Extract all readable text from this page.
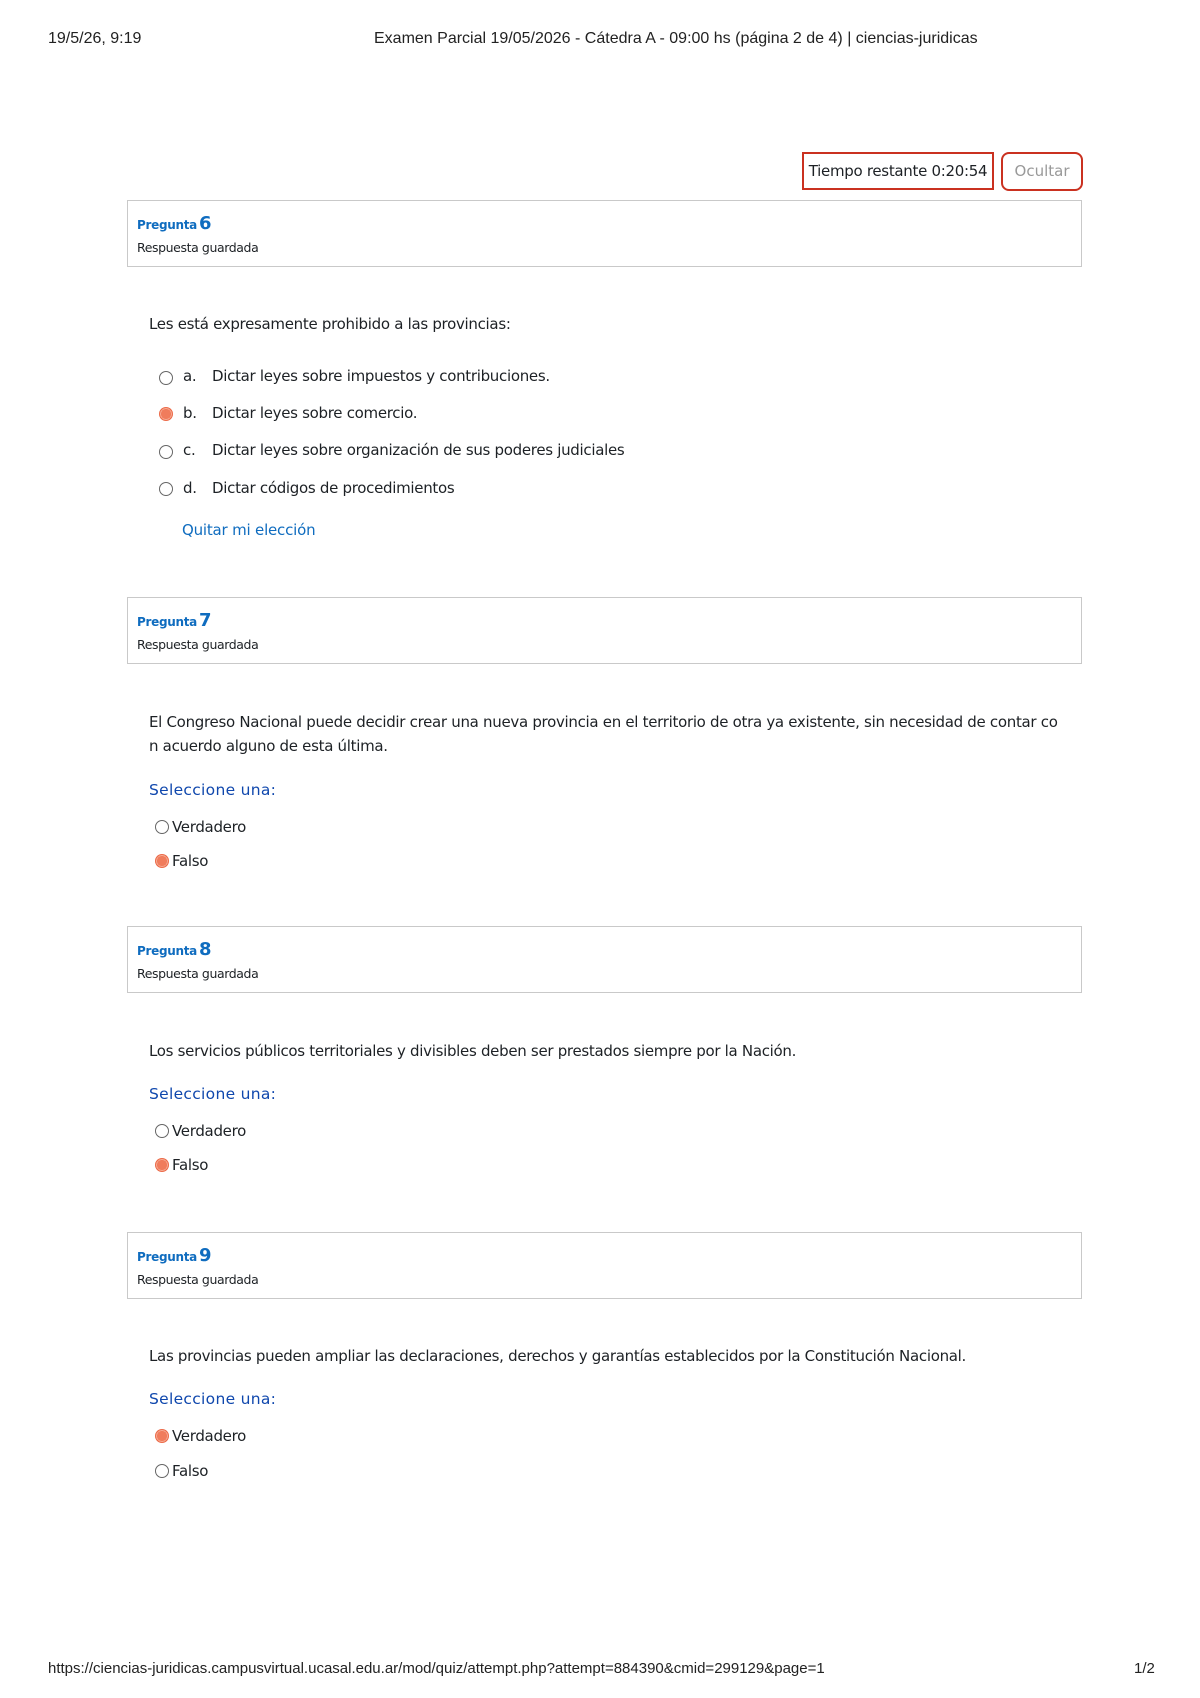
19/5/26, 9:19	Examen Parcial 19/05/2026 - Cátedra A - 09:00 hs (página 2 de 4) | ciencias-juridicas
Tiempo restante 0:20:54	Ocultar
Pregunta 6
Respuesta guardada
Les está expresamente prohibido a las provincias:
a. Dictar leyes sobre impuestos y contribuciones.
b. Dictar leyes sobre comercio.
c. Dictar leyes sobre organización de sus poderes judiciales
d. Dictar códigos de procedimientos
Quitar mi elección
Pregunta 7
Respuesta guardada
El Congreso Nacional puede decidir crear una nueva provincia en el territorio de otra ya existente, sin necesidad de contar co
n acuerdo alguno de esta última.
Seleccione una:
Verdadero
Falso
Pregunta 8
Respuesta guardada
Los servicios públicos territoriales y divisibles deben ser prestados siempre por la Nación.
Seleccione una:
Verdadero
Falso
Pregunta 9
Respuesta guardada
Las provincias pueden ampliar las declaraciones, derechos y garantías establecidos por la Constitución Nacional.
Seleccione una:
Verdadero
Falso
https://ciencias-juridicas.campusvirtual.ucasal.edu.ar/mod/quiz/attempt.php?attempt=884390&cmid=299129&page=1	1/2
